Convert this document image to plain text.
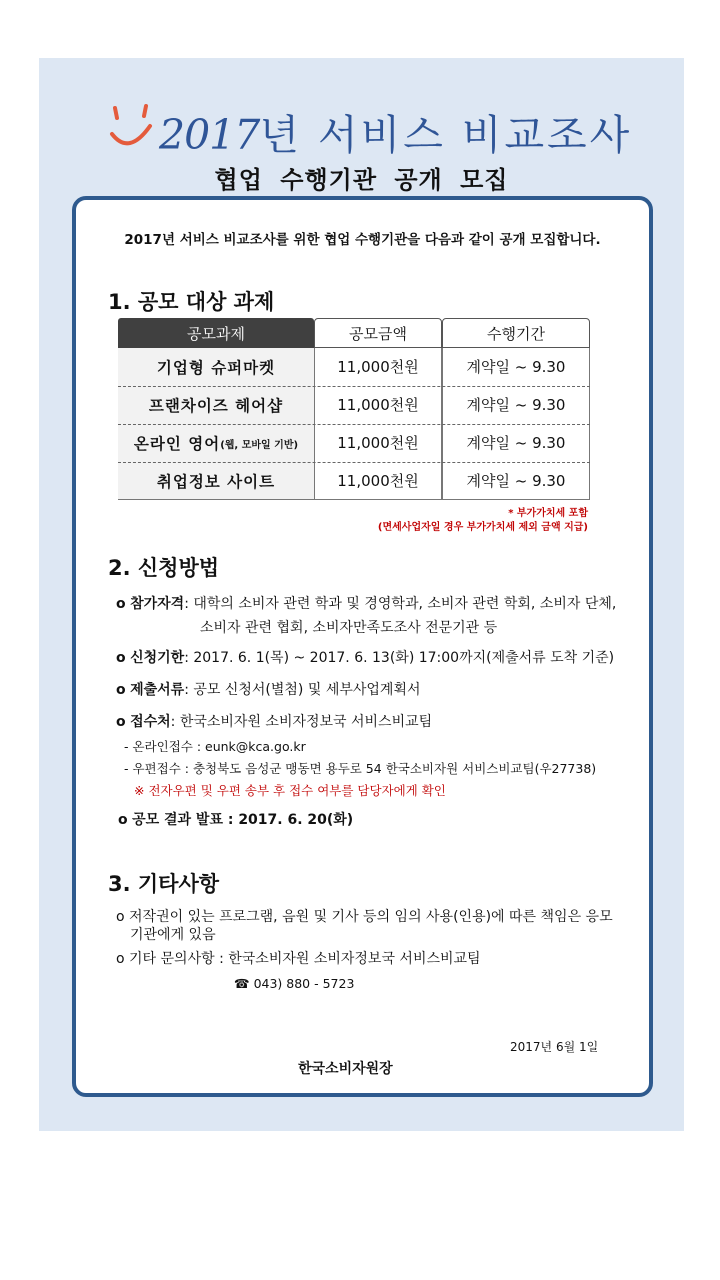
2017년 서비스 비교조사
협업 수행기관 공개 모집
2017년 서비스 비교조사를 위한 협업 수행기관을 다음과 같이 공개 모집합니다.
1. 공모 대상 과제
공모과제	공모금액	수행기간
기업형 슈퍼마켓	11,000천원	계약일 ~ 9.30
프랜차이즈 헤어샵	11,000천원	계약일 ~ 9.30
온라인 영어 (웹, 모바일 기반)	11,000천원	계약일 ~ 9.30
취업정보 사이트	11,000천원	계약일 ~ 9.30
* 부가가치세 포함
(면세사업자일 경우 부가가치세 제외 금액 지급)
2. 신청방법
o 참가자격: 대학의 소비자 관련 학과 및 경영학과, 소비자 관련 학회, 소비자 단체,
소비자 관련 협회, 소비자만족도조사 전문기관 등
o 신청기한: 2017. 6. 1(목) ~ 2017. 6. 13(화) 17:00까지(제출서류 도착 기준)
o 제출서류: 공모 신청서(별첨) 및 세부사업계획서
o 접수처: 한국소비자원 소비자정보국 서비스비교팀
- 온라인접수 : eunk@kca.go.kr
- 우편접수 : 충청북도 음성군 맹동면 용두로 54 한국소비자원 서비스비교팀(우27738)
※ 전자우편 및 우편 송부 후 접수 여부를 담당자에게 확인
o 공모 결과 발표 : 2017. 6. 20(화)
3. 기타사항
o 저작권이 있는 프로그램, 음원 및 기사 등의 임의 사용(인용)에 따른 책임은 응모
기관에게 있음
o 기타 문의사항 : 한국소비자원 소비자정보국 서비스비교팀
☎ 043) 880 - 5723
2017년 6월 1일
한국소비자원장
